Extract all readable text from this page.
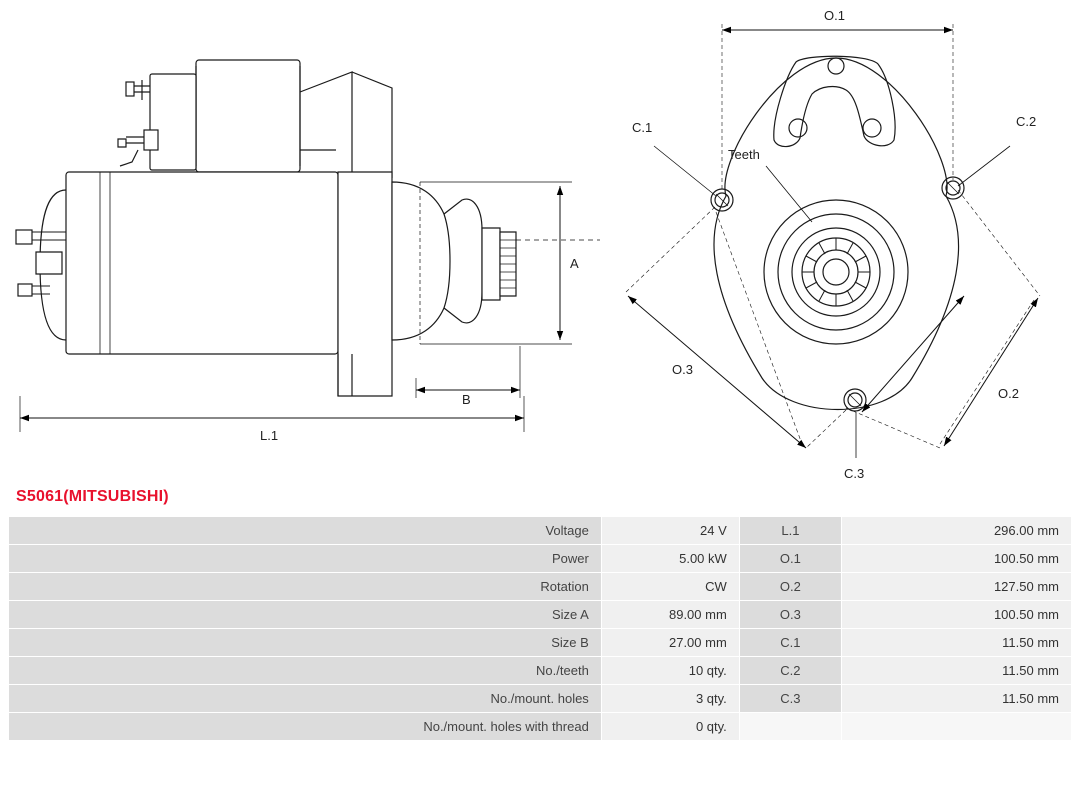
A
B
L.1
O.1
O.2
O.3
C.1	C.2
C.3
Teeth
S5061(MITSUBISHI)
Voltage	24 V	L.1	296.00 mm
Power	5.00 kW	O.1	100.50 mm
Rotation	CW	O.2	127.50 mm
Size A	89.00 mm	O.3	100.50 mm
Size B	27.00 mm	C.1	11.50 mm
No./teeth	10 qty.	C.2	11.50 mm
No./mount. holes	3 qty.	C.3	11.50 mm
No./mount. holes with thread	0 qty.		
